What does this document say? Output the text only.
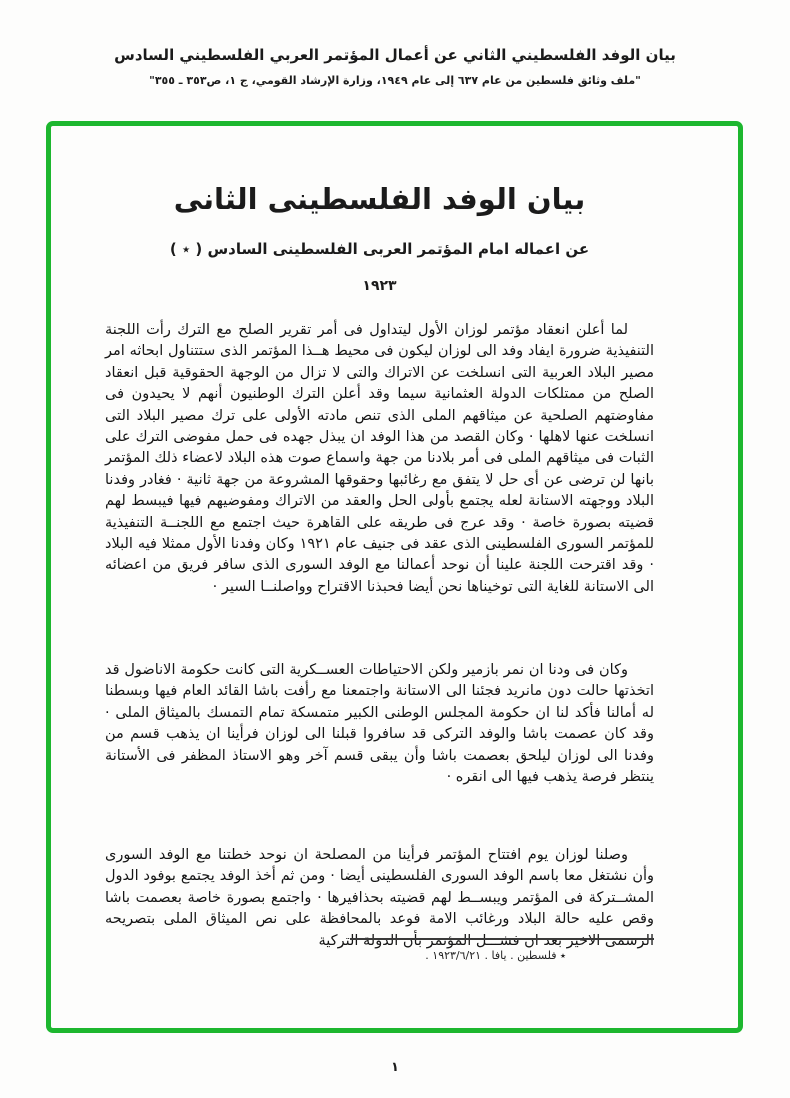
بيان الوفد الفلسطيني الثاني عن أعمال المؤتمر العربي الفلسطيني السادس
"ملف وثائق فلسطين من عام ٦٣٧ إلى عام ١٩٤٩، وزارة الإرشاد القومي، ج ١، ص٣٥٣ ـ ٣٥٥"
بيان الوفد الفلسطينى الثانى
عن اعماله امام المؤتمر العربى الفلسطينى السادس ( ٭ )
١٩٢٣

لما أعلن انعقاد مؤتمر لوزان الأول ليتداول فى أمر تقرير الصلح مع الترك رأت اللجنة التنفيذية ضرورة ايفاد وفد الى لوزان ليكون فى محيط هــذا المؤتمر الذى ستتناول ابحاثه امر مصير البلاد العربية التى انسلخت عن الاتراك والتى لا تزال من الوجهة الحقوقية قبل انعقاد الصلح من ممتلكات الدولة العثمانية سيما وقد أعلن الترك الوطنيون أنهم لا يحيدون فى مفاوضتهم الصلحية عن ميثاقهم الملى الذى تنص مادته الأولى على ترك مصير البلاد التى انسلخت عنها لاهلها · وكان القصد من هذا الوفد ان يبذل جهده فى حمل مفوضى الترك على الثبات فى ميثاقهم الملى فى أمر بلادنا من جهة واسماع صوت هذه البلاد لاعضاء ذلك المؤتمر بانها لن ترضى عن أى حل لا يتفق مع رغائبها وحقوقها المشروعة من جهة ثانية · فغادر وفدنا البلاد ووجهته الاستانة لعله يجتمع بأولى الحل والعقد من الاتراك ومفوضيهم فيها فيبسط لهم قضيته بصورة خاصة · وقد عرج فى طريقه على القاهرة حيث اجتمع مع اللجنــة التنفيذية للمؤتمر السورى الفلسطينى الذى عقد فى جنيف عام ١٩٢١ وكان وفدنا الأول ممثلا فيه البلاد · وقد اقترحت اللجنة علينا أن نوحد أعمالنا مع الوفد السورى الذى سافر فريق من اعضائه الى الاستانة للغاية التى توخيناها نحن أيضا فحبذنا الاقتراح وواصلنــا السير ·

وكان فى ودنا ان نمر بازمير ولكن الاحتياطات العســكرية التى كانت حكومة الاناضول قد اتخذتها حالت دون مانريد فجئنا الى الاستانة واجتمعنا مع رأفت باشا القائد العام فيها وبسطنا له أمالنا فأكد لنا ان حكومة المجلس الوطنى الكبير متمسكة تمام التمسك بالميثاق الملى · وقد كان عصمت باشا والوفد التركى قد سافروا قبلنا الى لوزان فرأينا ان يذهب قسم من وفدنا الى لوزان ليلحق بعصمت باشا وأن يبقى قسم آخر وهو الاستاذ المظفر فى الأستانة ينتظر فرصة يذهب فيها الى انقره ·

وصلنا لوزان يوم افتتاح المؤتمر فرأينا من المصلحة ان نوحد خطتنا مع الوفد السورى وأن نشتغل معا باسم الوفد السورى الفلسطينى أيضا · ومن ثم أخذ الوفد يجتمع بوفود الدول المشــتركة فى المؤتمر ويبســط لهم قضيته بحذافيرها · واجتمع بصورة خاصة بعصمت باشا وقص عليه حالة البلاد ورغائب الامة فوعد بالمحافظة على نص الميثاق الملى بتصريحه الرسمى الاخير بعد ان فشـــل المؤتمر بأن الدولة التركية

٭ فلسطين . يافا . ١٩٢٣/٦/٢١ .
١
